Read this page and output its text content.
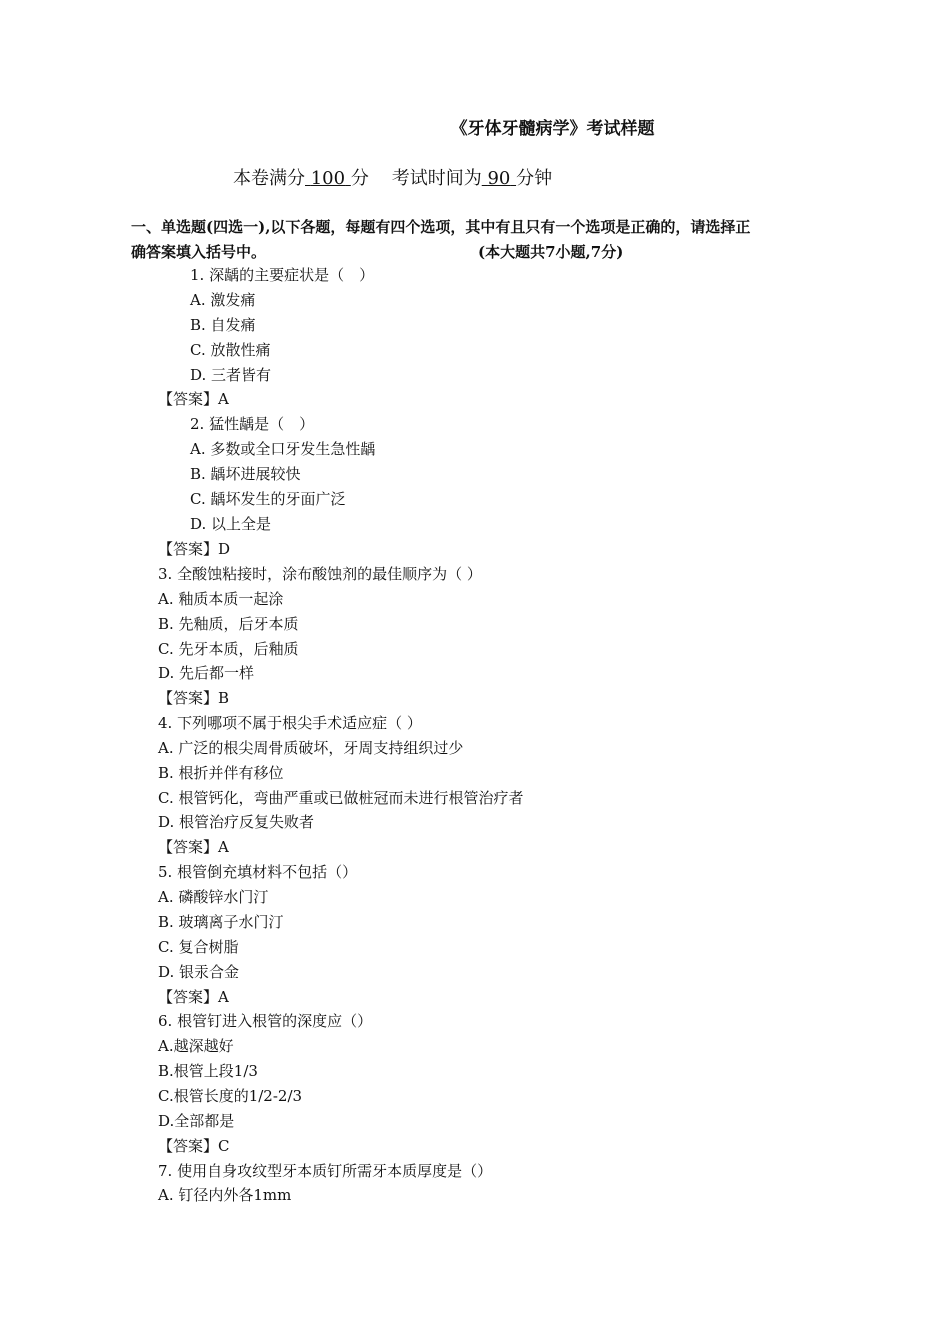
《牙体牙髓病学》考试样题
本卷满分 100 分 考试时间为 90 分钟
一、单选题(四选一),以下各题，每题有四个选项，其中有且只有一个选项是正确的，请选择正
确答案填入括号中。	(本大题共7小题,7分)
1. 深龋的主要症状是（　）
A. 激发痛
B. 自发痛
C. 放散性痛
D. 三者皆有
【答案】A
2. 猛性龋是（　）
A. 多数或全口牙发生急性龋
B. 龋坏进展较快
C. 龋坏发生的牙面广泛
D. 以上全是
【答案】D
3. 全酸蚀粘接时，涂布酸蚀剂的最佳顺序为（ ）
A. 釉质本质一起涂
B. 先釉质，后牙本质
C. 先牙本质，后釉质
D. 先后都一样
【答案】B
4. 下列哪项不属于根尖手术适应症（ ）
A. 广泛的根尖周骨质破坏，牙周支持组织过少
B. 根折并伴有移位
C. 根管钙化，弯曲严重或已做桩冠而未进行根管治疗者
D. 根管治疗反复失败者
【答案】A
5. 根管倒充填材料不包括（）
A. 磷酸锌水门汀
B. 玻璃离子水门汀
C. 复合树脂
D. 银汞合金
【答案】A
6. 根管钉进入根管的深度应（）
A.越深越好
B.根管上段1/3
C.根管长度的1/2-2/3
D.全部都是
【答案】C
7. 使用自身攻纹型牙本质钉所需牙本质厚度是（）
A. 钉径内外各1mm
